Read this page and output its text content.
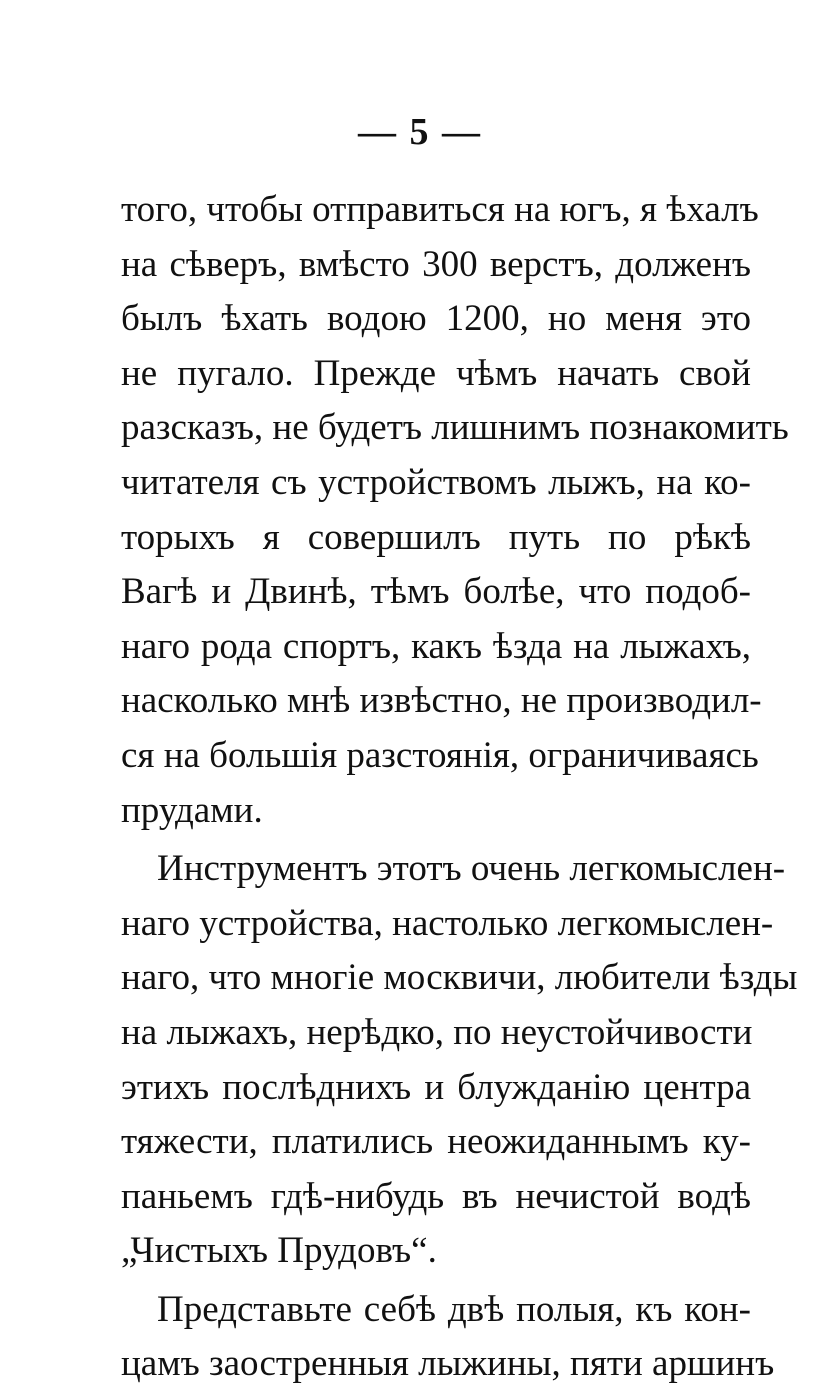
— 5 —
того, чтобы отправиться на югъ, я ѣхалъ
на сѣверъ, вмѣсто 300 верстъ, долженъ
былъ ѣхать водою 1200, но меня это
не пугало. Прежде чѣмъ начать свой
разсказъ, не будетъ лишнимъ познакомить
читателя съ устройствомъ лыжъ, на ко-
торыхъ я совершилъ путь по рѣкѣ
Вагѣ и Двинѣ, тѣмъ болѣе, что подоб-
наго рода спортъ, какъ ѣзда на лыжахъ,
насколько мнѣ извѣстно, не производил-
ся на большія разстоянія, ограничиваясь
прудами.
Инструментъ этотъ очень легкомыслен-
наго устройства, настолько легкомыслен-
наго, что многіе москвичи, любители ѣзды
на лыжахъ, нерѣдко, по неустойчивости
этихъ послѣднихъ и блужданію центра
тяжести, платились неожиданнымъ ку-
паньемъ гдѣ-нибудь въ нечистой водѣ
„Чистыхъ Прудовъ“.
Представьте себѣ двѣ полыя, къ кон-
цамъ заостренныя лыжины, пяти аршинъ
